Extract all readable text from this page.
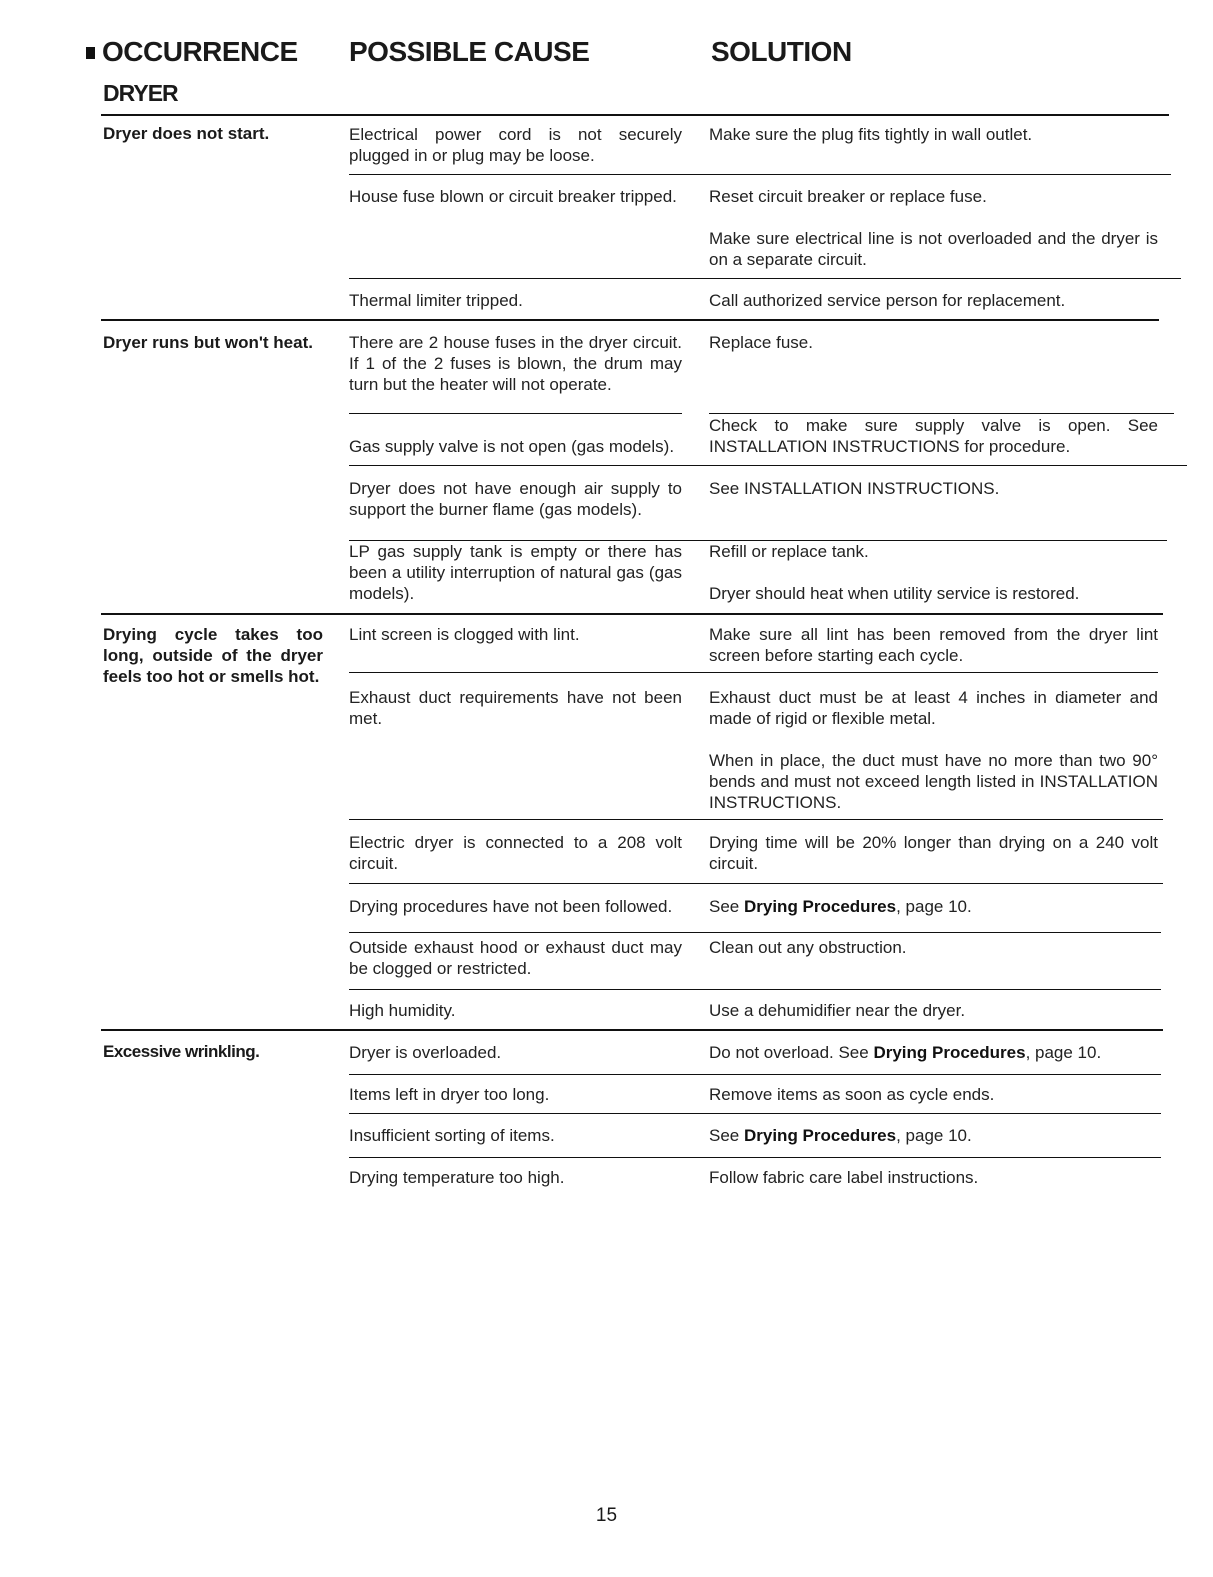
OCCURRENCE POSSIBLE CAUSE	SOLUTION
DRYER
Dryer does not start.
Dryer runs but won't heat.
Drying cycle takes too long, outside of the dryer feels too hot or smells hot.
Excessive wrinkling.
Electrical power cord is not securely plugged in or plug may be loose.
House fuse blown or circuit breaker tripped.
Thermal limiter tripped.
There are 2 house fuses in the dryer circuit. If 1 of the 2 fuses is blown, the drum may turn but the heater will not operate.
Gas supply valve is not open (gas models).
Dryer does not have enough air supply to support the burner flame (gas models).
LP gas supply tank is empty or there has been a utility interruption of natural gas (gas models).
Lint screen is clogged with lint.
Exhaust duct requirements have not been met.
Electric dryer is connected to a 208 volt circuit.
Drying procedures have not been followed.
Outside exhaust hood or exhaust duct may be clogged or restricted.
High humidity.
Dryer is overloaded.
Items left in dryer too long.
Insufficient sorting of items.
Drying temperature too high.
Make sure the plug fits tightly in wall outlet.
Reset circuit breaker or replace fuse.
Make sure electrical line is not overloaded and the dryer is on a separate circuit.
Call authorized service person for replacement.
Replace fuse.
Check to make sure supply valve is open. See INSTALLATION INSTRUCTIONS for procedure.
See INSTALLATION INSTRUCTIONS.
Refill or replace tank.
Dryer should heat when utility service is restored.
Make sure all lint has been removed from the dryer lint screen before starting each cycle.
Exhaust duct must be at least 4 inches in diameter and made of rigid or flexible metal.
When in place, the duct must have no more than two 90° bends and must not exceed length listed in INSTALLATION INSTRUCTIONS.
Drying time will be 20% longer than drying on a 240 volt circuit.
See Drying Procedures, page 10.
Clean out any obstruction.
Use a dehumidifier near the dryer.
Do not overload. See Drying Procedures, page 10.
Remove items as soon as cycle ends.
See Drying Procedures, page 10.
Follow fabric care label instructions.
15
